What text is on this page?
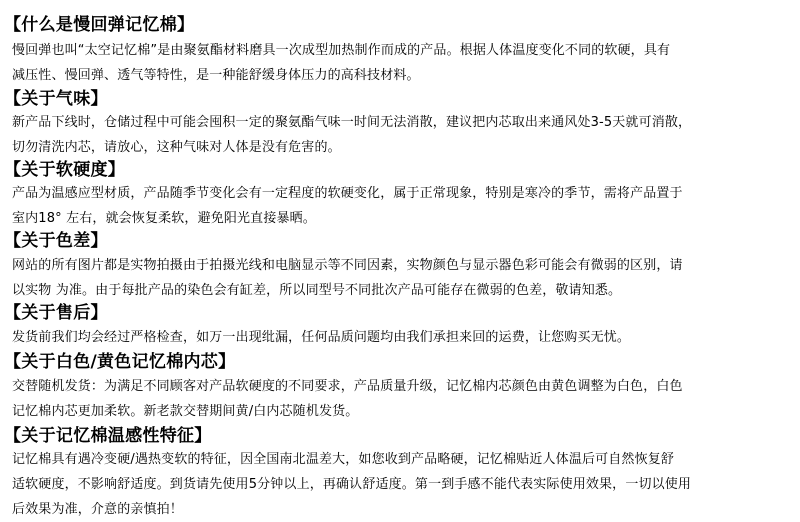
【什么是慢回弹记忆棉】
慢回弹也叫“太空记忆棉”是由聚氨酯材料磨具一次成型加热制作而成的产品。根据人体温度变化不同的软硬，具有
减压性、慢回弹、透气等特性，是一种能舒缓身体压力的高科技材料。
【关于气味】
新产品下线时，仓储过程中可能会囤积一定的聚氨酯气味一时间无法消散，建议把内芯取出来通风处3-5天就可消散，
切勿清洗内芯，请放心，这种气味对人体是没有危害的。
【关于软硬度】
产品为温感应型材质，产品随季节变化会有一定程度的软硬变化，属于正常现象，特别是寒冷的季节，需将产品置于
室内18° 左右，就会恢复柔软，避免阳光直接暴晒。
【关于色差】
网站的所有图片都是实物拍摄由于拍摄光线和电脑显示等不同因素，实物颜色与显示器色彩可能会有微弱的区别，请
以实物 为准。由于每批产品的染色会有缸差，所以同型号不同批次产品可能存在微弱的色差，敬请知悉。
【关于售后】
发货前我们均会经过严格检查，如万一出现纰漏，任何品质问题均由我们承担来回的运费，让您购买无忧。
【关于白色/黄色记忆棉内芯】
交替随机发货：为满足不同顾客对产品软硬度的不同要求，产品质量升级，记忆棉内芯颜色由黄色调整为白色，白色
记忆棉内芯更加柔软。新老款交替期间黄/白内芯随机发货。
【关于记忆棉温感性特征】
记忆棉具有遇冷变硬/遇热变软的特征，因全国南北温差大，如您收到产品略硬，记忆棉贴近人体温后可自然恢复舒
适软硬度，不影响舒适度。到货请先使用5分钟以上，再确认舒适度。第一到手感不能代表实际使用效果，一切以使用
后效果为准，介意的亲慎拍！
